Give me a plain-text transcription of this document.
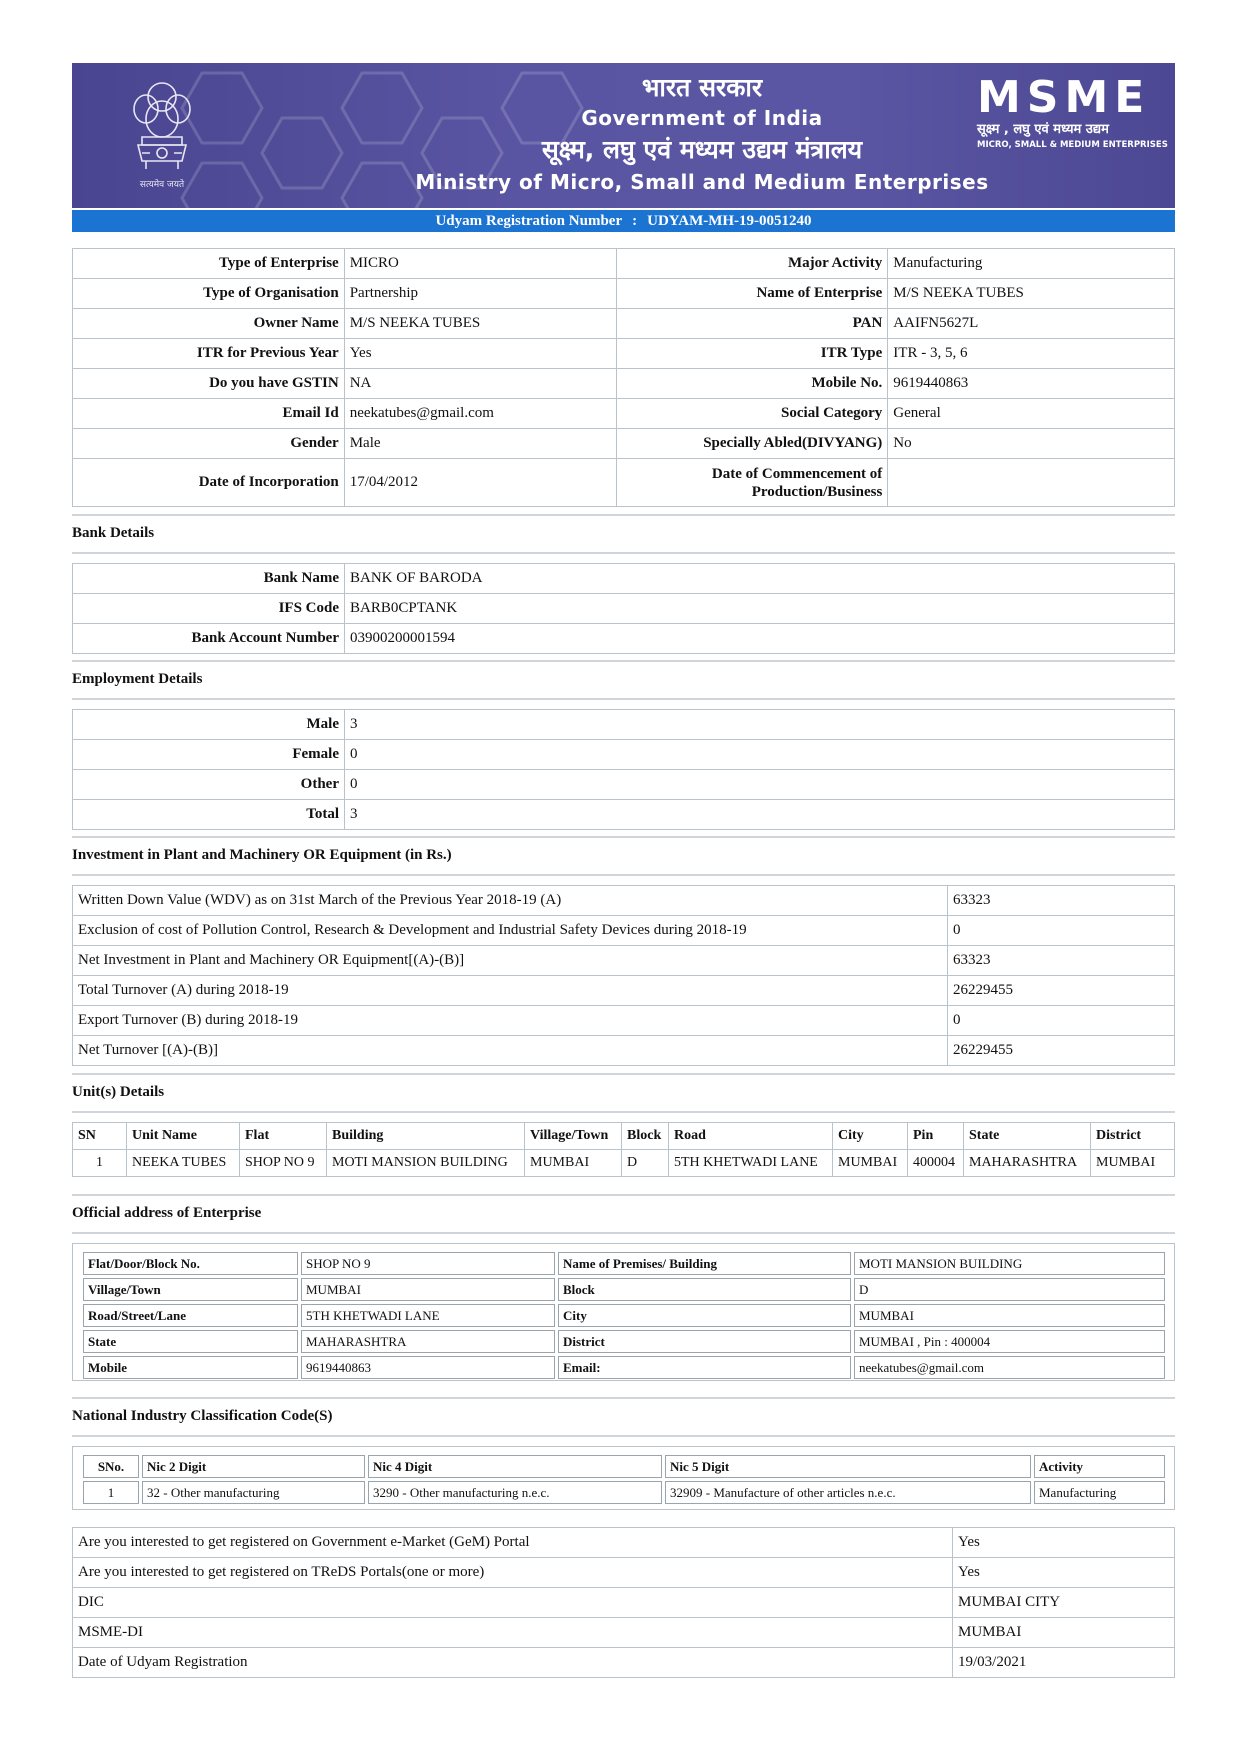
सत्यमेव जयते
भारत सरकार
Government of India
सूक्ष्म, लघु एवं मध्यम उद्यम मंत्रालय
Ministry of Micro, Small and Medium Enterprises
MSME
सूक्ष्म , लघु एवं मध्यम उद्यम
MICRO, SMALL & MEDIUM ENTERPRISES
Udyam Registration Number : UDYAM-MH-19-0051240
Type of Enterprise	MICRO	Major Activity	Manufacturing
Type of Organisation	Partnership	Name of Enterprise	M/S NEEKA TUBES
Owner Name	M/S NEEKA TUBES	PAN	AAIFN5627L
ITR for Previous Year	Yes	ITR Type	ITR - 3, 5, 6
Do you have GSTIN	NA	Mobile No.	9619440863
Email Id	neekatubes@gmail.com	Social Category	General
Gender	Male	Specially Abled(DIVYANG)	No
Date of Incorporation	17/04/2012	Date of Commencement of Production/Business	
Bank Details
Bank Name	BANK OF BARODA
IFS Code	BARB0CPTANK
Bank Account Number	03900200001594
Employment Details
Male	3
Female	0
Other	0
Total	3
Investment in Plant and Machinery OR Equipment (in Rs.)
Written Down Value (WDV) as on 31st March of the Previous Year 2018-19 (A)	63323
Exclusion of cost of Pollution Control, Research & Development and Industrial Safety Devices during 2018-19	0
Net Investment in Plant and Machinery OR Equipment[(A)-(B)]	63323
Total Turnover (A) during 2018-19	26229455
Export Turnover (B) during 2018-19	0
Net Turnover [(A)-(B)]	26229455
Unit(s) Details
SN	Unit Name	Flat	Building	Village/Town	Block	Road	City	Pin	State	District
1	NEEKA TUBES	SHOP NO 9	MOTI MANSION BUILDING	MUMBAI	D	5TH KHETWADI LANE	MUMBAI	400004	MAHARASHTRA	MUMBAI
Official address of Enterprise
Flat/Door/Block No.	SHOP NO 9	Name of Premises/ Building	MOTI MANSION BUILDING
Village/Town	MUMBAI	Block	D
Road/Street/Lane	5TH KHETWADI LANE	City	MUMBAI
State	MAHARASHTRA	District	MUMBAI , Pin : 400004
Mobile	9619440863	Email:	neekatubes@gmail.com
National Industry Classification Code(S)
SNo.	Nic 2 Digit	Nic 4 Digit	Nic 5 Digit	Activity
1	32 - Other manufacturing	3290 - Other manufacturing n.e.c.	32909 - Manufacture of other articles n.e.c.	Manufacturing
Are you interested to get registered on Government e-Market (GeM) Portal	Yes
Are you interested to get registered on TReDS Portals(one or more)	Yes
DIC	MUMBAI CITY
MSME-DI	MUMBAI
Date of Udyam Registration	19/03/2021
